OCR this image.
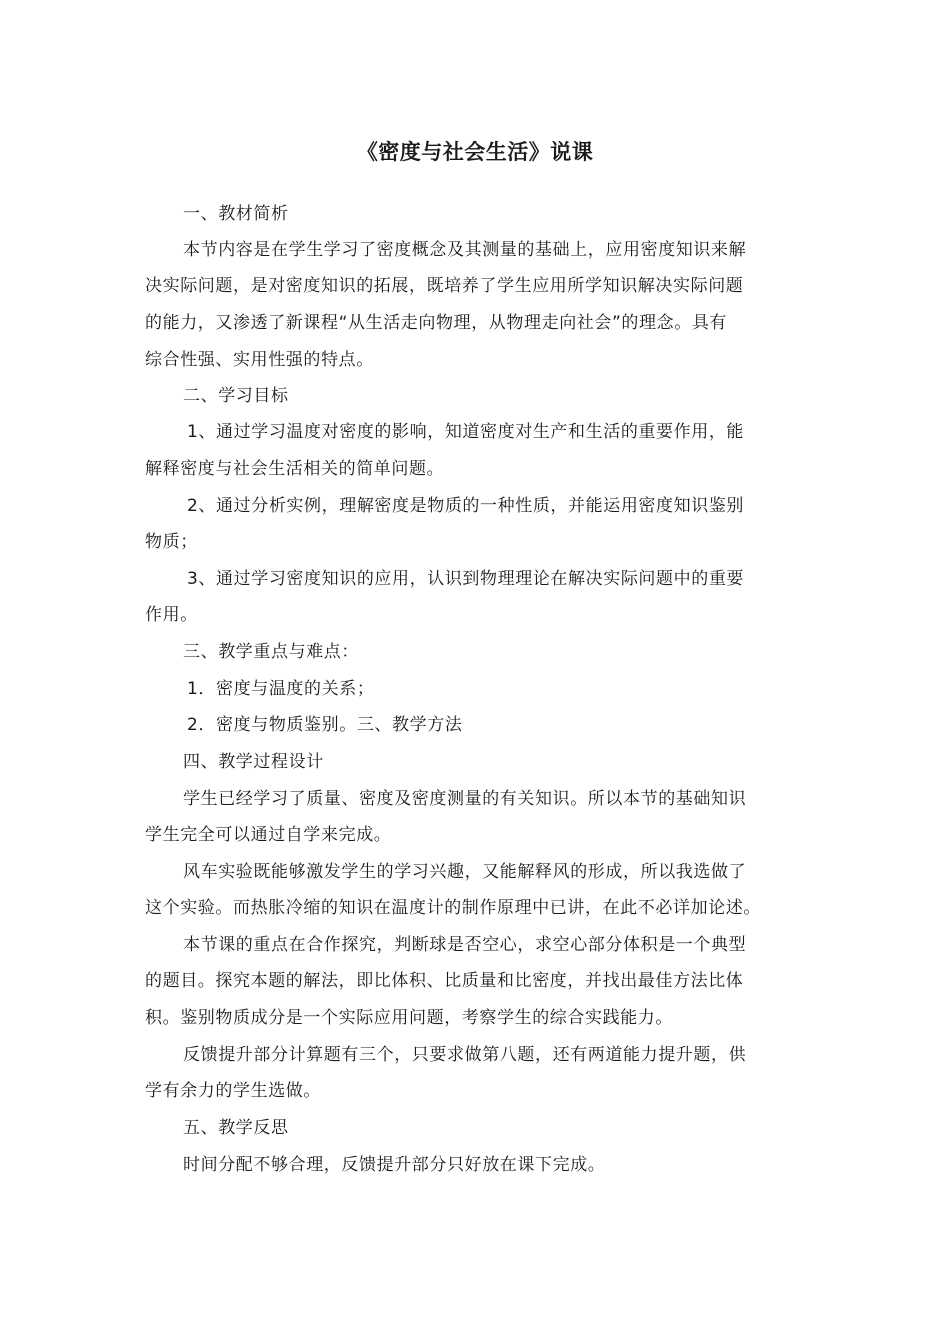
《密度与社会生活》说课
一、教材简析
本节内容是在学生学习了密度概念及其测量的基础上，应用密度知识来解
决实际问题，是对密度知识的拓展，既培养了学生应用所学知识解决实际问题
的能力，又渗透了新课程“从生活走向物理，从物理走向社会”的理念。具有
综合性强、实用性强的特点。
二、学习目标
1、通过学习温度对密度的影响，知道密度对生产和生活的重要作用，能
解释密度与社会生活相关的简单问题。
2、通过分析实例，理解密度是物质的一种性质，并能运用密度知识鉴别
物质；
3、通过学习密度知识的应用，认识到物理理论在解决实际问题中的重要
作用。
三、教学重点与难点：
1．密度与温度的关系；
2．密度与物质鉴别。三、教学方法
四、教学过程设计
学生已经学习了质量、密度及密度测量的有关知识。所以本节的基础知识
学生完全可以通过自学来完成。
风车实验既能够激发学生的学习兴趣，又能解释风的形成，所以我选做了
这个实验。而热胀冷缩的知识在温度计的制作原理中已讲，在此不必详加论述。
本节课的重点在合作探究，判断球是否空心，求空心部分体积是一个典型
的题目。探究本题的解法，即比体积、比质量和比密度，并找出最佳方法比体
积。鉴别物质成分是一个实际应用问题，考察学生的综合实践能力。
反馈提升部分计算题有三个，只要求做第八题，还有两道能力提升题，供
学有余力的学生选做。
五、教学反思
时间分配不够合理，反馈提升部分只好放在课下完成。
